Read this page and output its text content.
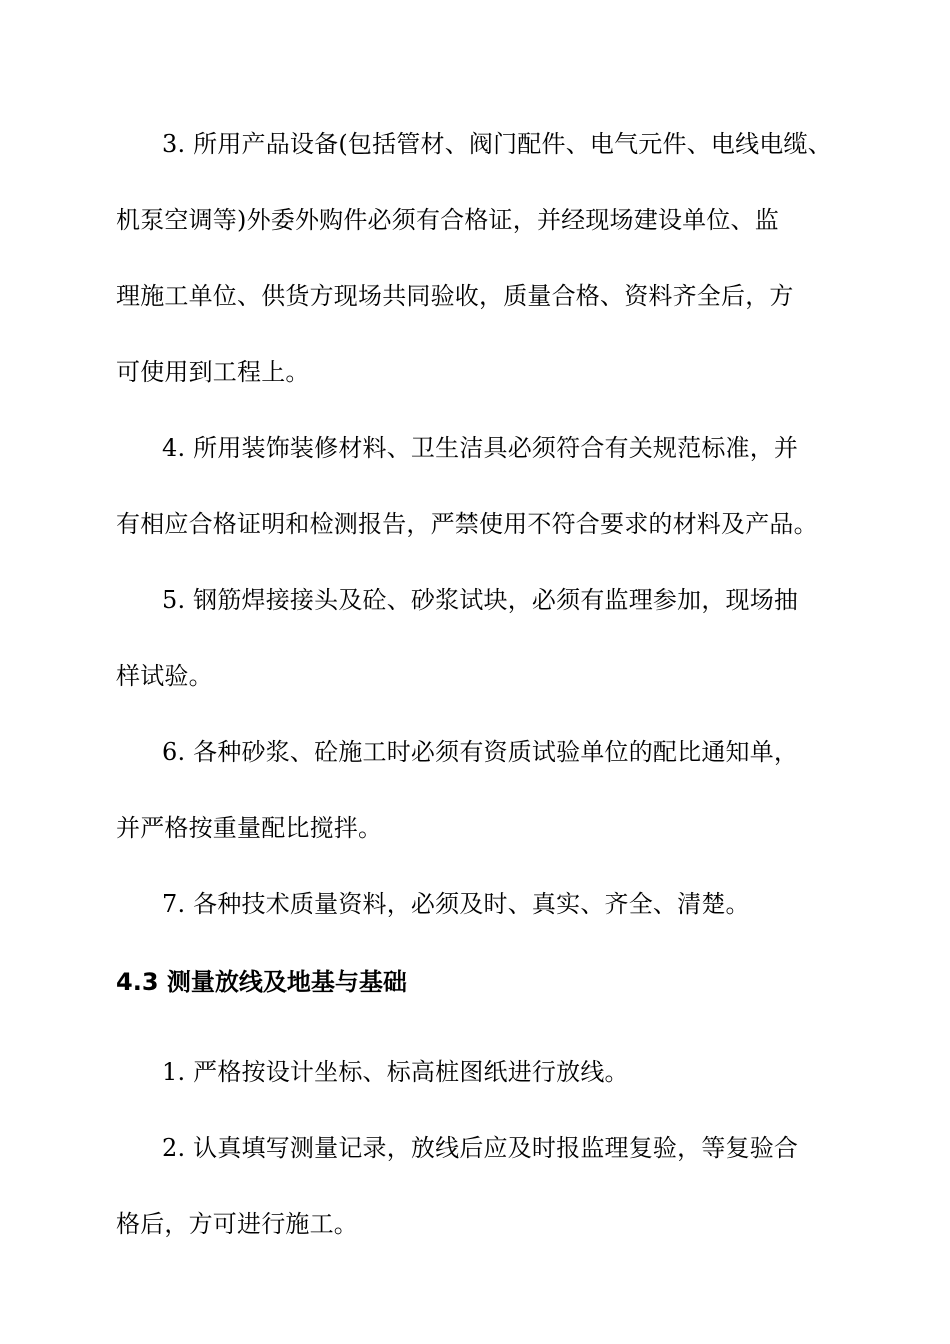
3. 所用产品设备(包括管材、阀门配件、电气元件、电线电缆、
机泵空调等)外委外购件必须有合格证，并经现场建设单位、监
理施工单位、供货方现场共同验收，质量合格、资料齐全后，方
可使用到工程上。
4. 所用装饰装修材料、卫生洁具必须符合有关规范标准，并
有相应合格证明和检测报告，严禁使用不符合要求的材料及产品。
5. 钢筋焊接接头及砼、砂浆试块，必须有监理参加，现场抽
样试验。
6. 各种砂浆、砼施工时必须有资质试验单位的配比通知单，
并严格按重量配比搅拌。
7. 各种技术质量资料，必须及时、真实、齐全、清楚。
4.3 测量放线及地基与基础
1. 严格按设计坐标、标高桩图纸进行放线。
2. 认真填写测量记录，放线后应及时报监理复验，等复验合
格后，方可进行施工。
